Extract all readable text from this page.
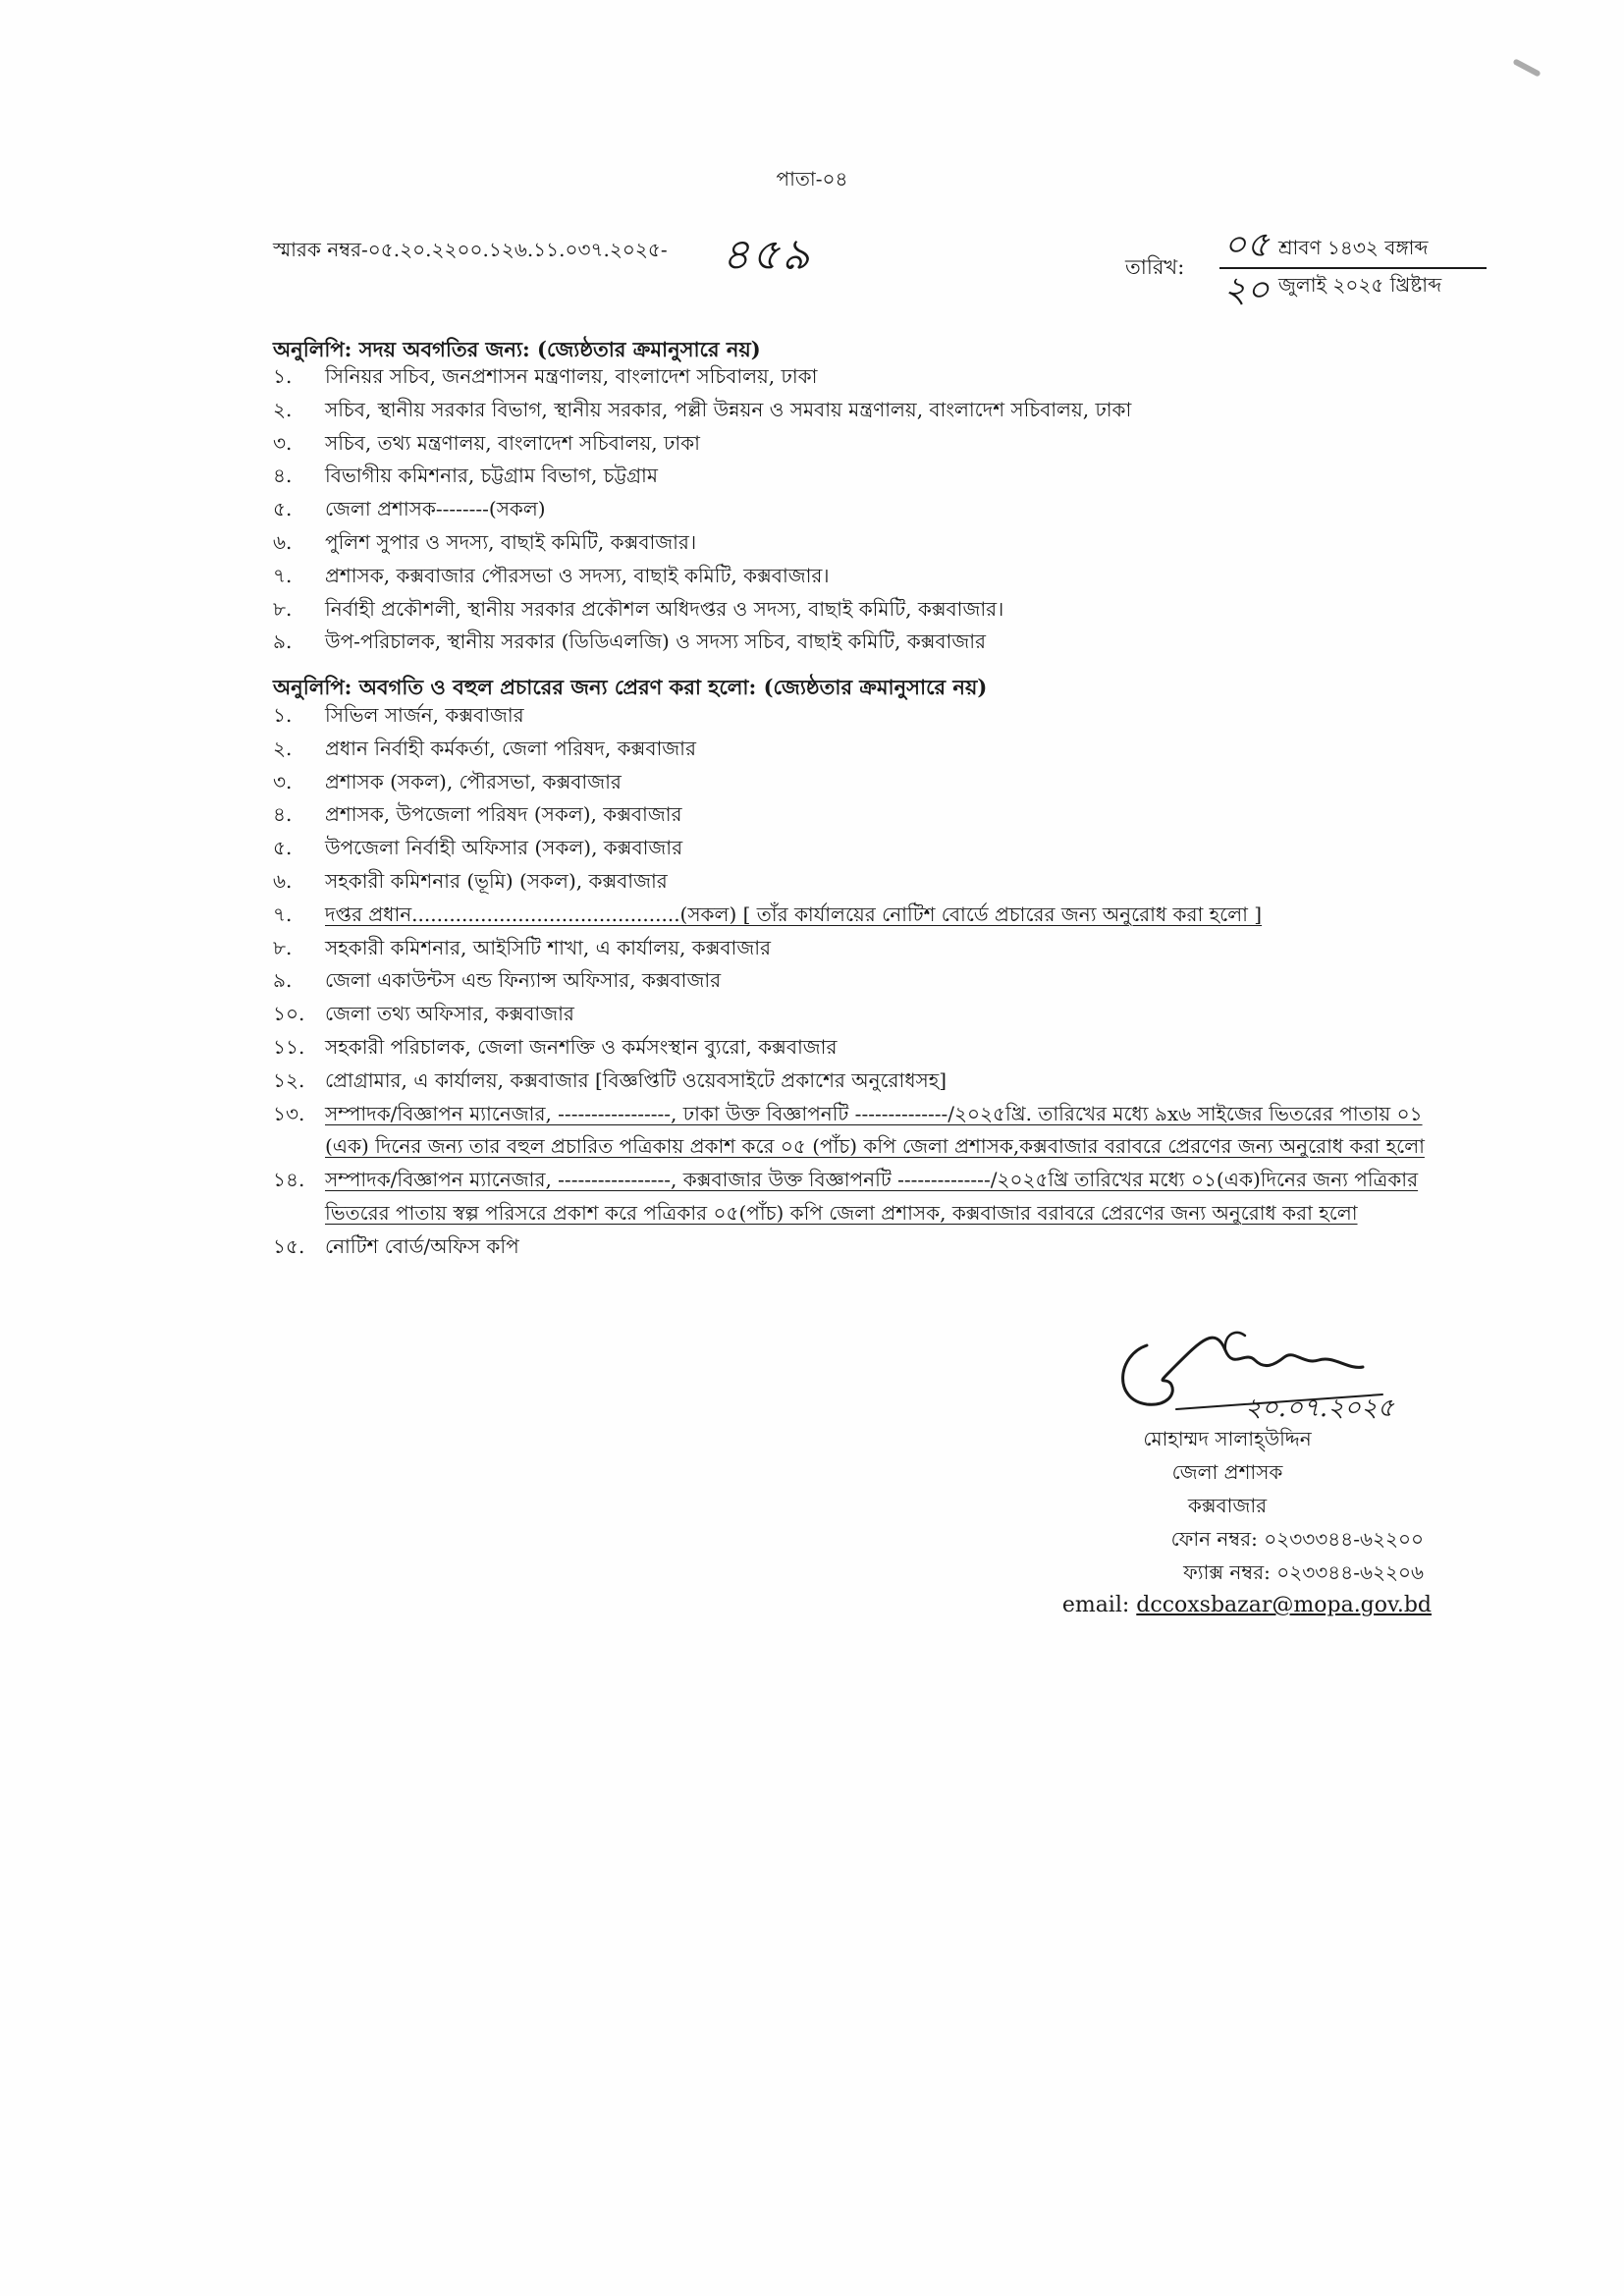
পাতা-০৪
স্মারক নম্বর-০৫.২০.২২০০.১২৬.১১.০৩৭.২০২৫- ৪৫৯	তারিখ:
০৫ শ্রাবণ ১৪৩২ বঙ্গাব্দ
২০ জুলাই ২০২৫ খ্রিষ্টাব্দ
অনুলিপি: সদয় অবগতির জন্য: (জ্যেষ্ঠতার ক্রমানুসারে নয়)
১.	সিনিয়র সচিব, জনপ্রশাসন মন্ত্রণালয়, বাংলাদেশ সচিবালয়, ঢাকা
২.	সচিব, স্থানীয় সরকার বিভাগ, স্থানীয় সরকার, পল্লী উন্নয়ন ও সমবায় মন্ত্রণালয়, বাংলাদেশ সচিবালয়, ঢাকা
৩.	সচিব, তথ্য মন্ত্রণালয়, বাংলাদেশ সচিবালয়, ঢাকা
৪.	বিভাগীয় কমিশনার, চট্টগ্রাম বিভাগ, চট্টগ্রাম
৫.	জেলা প্রশাসক--------(সকল)
৬.	পুলিশ সুপার ও সদস্য, বাছাই কমিটি, কক্সবাজার।
৭.	প্রশাসক, কক্সবাজার পৌরসভা ও সদস্য, বাছাই কমিটি, কক্সবাজার।
৮.	নির্বাহী প্রকৌশলী, স্থানীয় সরকার প্রকৌশল অধিদপ্তর ও সদস্য, বাছাই কমিটি, কক্সবাজার।
৯.	উপ-পরিচালক, স্থানীয় সরকার (ডিডিএলজি) ও সদস্য সচিব, বাছাই কমিটি, কক্সবাজার
অনুলিপি: অবগতি ও বহুল প্রচারের জন্য প্রেরণ করা হলো: (জ্যেষ্ঠতার ক্রমানুসারে নয়)
১.	সিভিল সার্জন, কক্সবাজার
২.	প্রধান নির্বাহী কর্মকর্তা, জেলা পরিষদ, কক্সবাজার
৩.	প্রশাসক (সকল), পৌরসভা, কক্সবাজার
৪.	প্রশাসক, উপজেলা পরিষদ (সকল), কক্সবাজার
৫.	উপজেলা নির্বাহী অফিসার (সকল), কক্সবাজার
৬.	সহকারী কমিশনার (ভূমি) (সকল), কক্সবাজার
৭.	দপ্তর প্রধান...........................................(সকল) [ তাঁর কার্যালয়ের নোটিশ বোর্ডে প্রচারের জন্য অনুরোধ করা হলো ]
৮.	সহকারী কমিশনার, আইসিটি শাখা, এ কার্যালয়, কক্সবাজার
৯.	জেলা একাউন্টস এন্ড ফিন্যান্স অফিসার, কক্সবাজার
১০.	জেলা তথ্য অফিসার, কক্সবাজার
১১.	সহকারী পরিচালক, জেলা জনশক্তি ও কর্মসংস্থান ব্যুরো, কক্সবাজার
১২.	প্রোগ্রামার, এ কার্যালয়, কক্সবাজার [বিজ্ঞপ্তিটি ওয়েবসাইটে প্রকাশের অনুরোধসহ]
১৩.	সম্পাদক/বিজ্ঞাপন ম্যানেজার, -----------------, ঢাকা উক্ত বিজ্ঞাপনটি --------------/২০২৫খ্রি. তারিখের মধ্যে ৯x৬ সাইজের ভিতরের পাতায় ০১ (এক) দিনের জন্য তার বহুল প্রচারিত পত্রিকায় প্রকাশ করে ০৫ (পাঁচ) কপি জেলা প্রশাসক,কক্সবাজার বরাবরে প্রেরণের জন্য অনুরোধ করা হলো
১৪.	সম্পাদক/বিজ্ঞাপন ম্যানেজার, -----------------, কক্সবাজার উক্ত বিজ্ঞাপনটি --------------/২০২৫খ্রি তারিখের মধ্যে ০১(এক)দিনের জন্য পত্রিকার ভিতরের পাতায় স্বল্প পরিসরে প্রকাশ করে পত্রিকার ০৫(পাঁচ) কপি জেলা প্রশাসক, কক্সবাজার বরাবরে প্রেরণের জন্য অনুরোধ করা হলো
১৫.	নোটিশ বোর্ড/অফিস কপি
২০.০৭.২০২৫
মোহাম্মদ সালাহ্উদ্দিন
জেলা প্রশাসক
কক্সবাজার
ফোন নম্বর: ০২৩৩৩৪৪-৬২২০০
ফ্যাক্স নম্বর: ০২৩৩৪৪-৬২২০৬
email: dccoxsbazar@mopa.gov.bd
